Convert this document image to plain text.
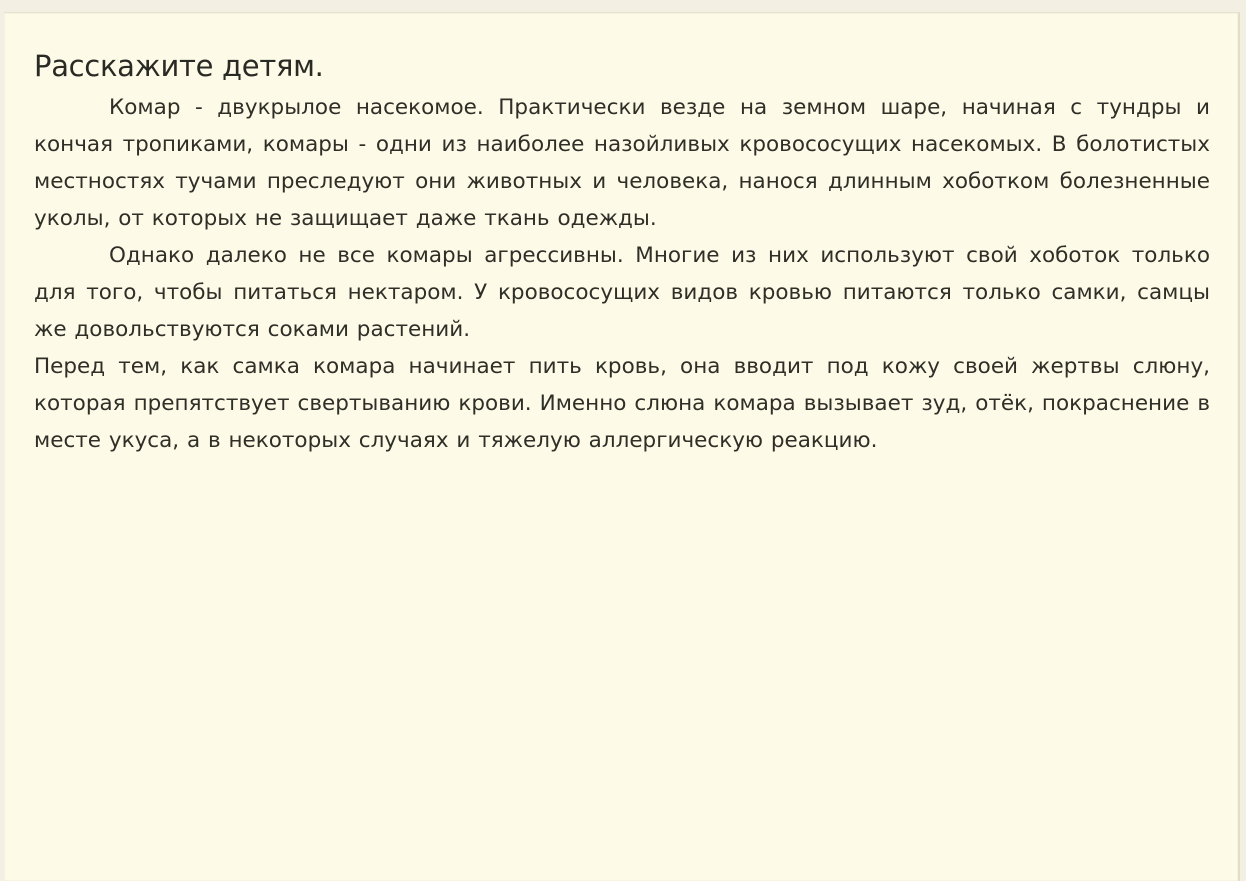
Расскажите детям.

Комар - двукрылое насекомое. Практически везде на земном шаре, начиная с тундры и кончая тропиками, комары - одни из наиболее назойливых кровососущих насекомых. В болотистых местностях тучами преследуют они животных и человека, нанося длинным хоботком болезненные уколы, от которых не защищает даже ткань одежды.

Однако далеко не все комары агрессивны. Многие из них используют свой хоботок только для того, чтобы питаться нектаром. У кровососущих видов кровью питаются только самки, самцы же довольствуются соками растений.

Перед тем, как самка комара начинает пить кровь, она вводит под кожу своей жертвы слюну, которая препятствует свертыванию крови. Именно слюна комара вызывает зуд, отёк, покраснение в месте укуса, а в некоторых случаях и тяжелую аллергическую реакцию.
